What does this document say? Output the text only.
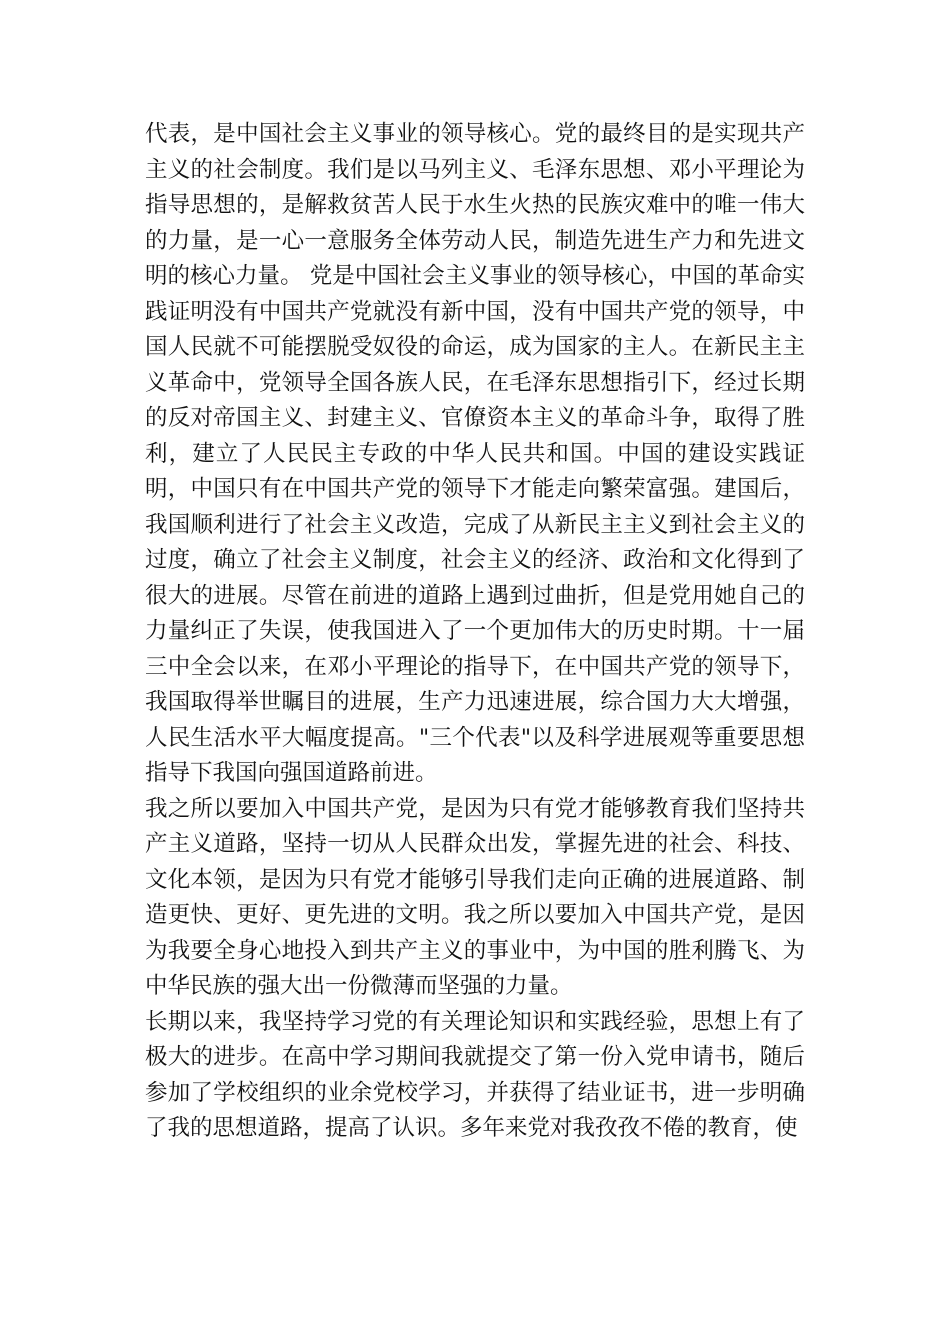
代表，是中国社会主义事业的领导核心。党的最终目的是实现共产主义的社会制度。我们是以马列主义、毛泽东思想、邓小平理论为指导思想的，是解救贫苦人民于水生火热的民族灾难中的唯一伟大的力量，是一心一意服务全体劳动人民，制造先进生产力和先进文明的核心力量。 党是中国社会主义事业的领导核心，中国的革命实践证明没有中国共产党就没有新中国，没有中国共产党的领导，中国人民就不可能摆脱受奴役的命运，成为国家的主人。在新民主主义革命中，党领导全国各族人民，在毛泽东思想指引下，经过长期的反对帝国主义、封建主义、官僚资本主义的革命斗争，取得了胜利，建立了人民民主专政的中华人民共和国。中国的建设实践证明，中国只有在中国共产党的领导下才能走向繁荣富强。建国后，我国顺利进行了社会主义改造，完成了从新民主主义到社会主义的过度，确立了社会主义制度，社会主义的经济、政治和文化得到了很大的进展。尽管在前进的道路上遇到过曲折，但是党用她自己的力量纠正了失误，使我国进入了一个更加伟大的历史时期。十一届三中全会以来，在邓小平理论的指导下，在中国共产党的领导下，我国取得举世瞩目的进展，生产力迅速进展，综合国力大大增强，人民生活水平大幅度提高。"三个代表"以及科学进展观等重要思想指导下我国向强国道路前进。

我之所以要加入中国共产党，是因为只有党才能够教育我们坚持共产主义道路，坚持一切从人民群众出发，掌握先进的社会、科技、文化本领，是因为只有党才能够引导我们走向正确的进展道路、制造更快、更好、更先进的文明。我之所以要加入中国共产党，是因为我要全身心地投入到共产主义的事业中，为中国的胜利腾飞、为中华民族的强大出一份微薄而坚强的力量。

长期以来，我坚持学习党的有关理论知识和实践经验，思想上有了极大的进步。在高中学习期间我就提交了第一份入党申请书，随后参加了学校组织的业余党校学习，并获得了结业证书，进一步明确了我的思想道路，提高了认识。多年来党对我孜孜不倦的教育，使
